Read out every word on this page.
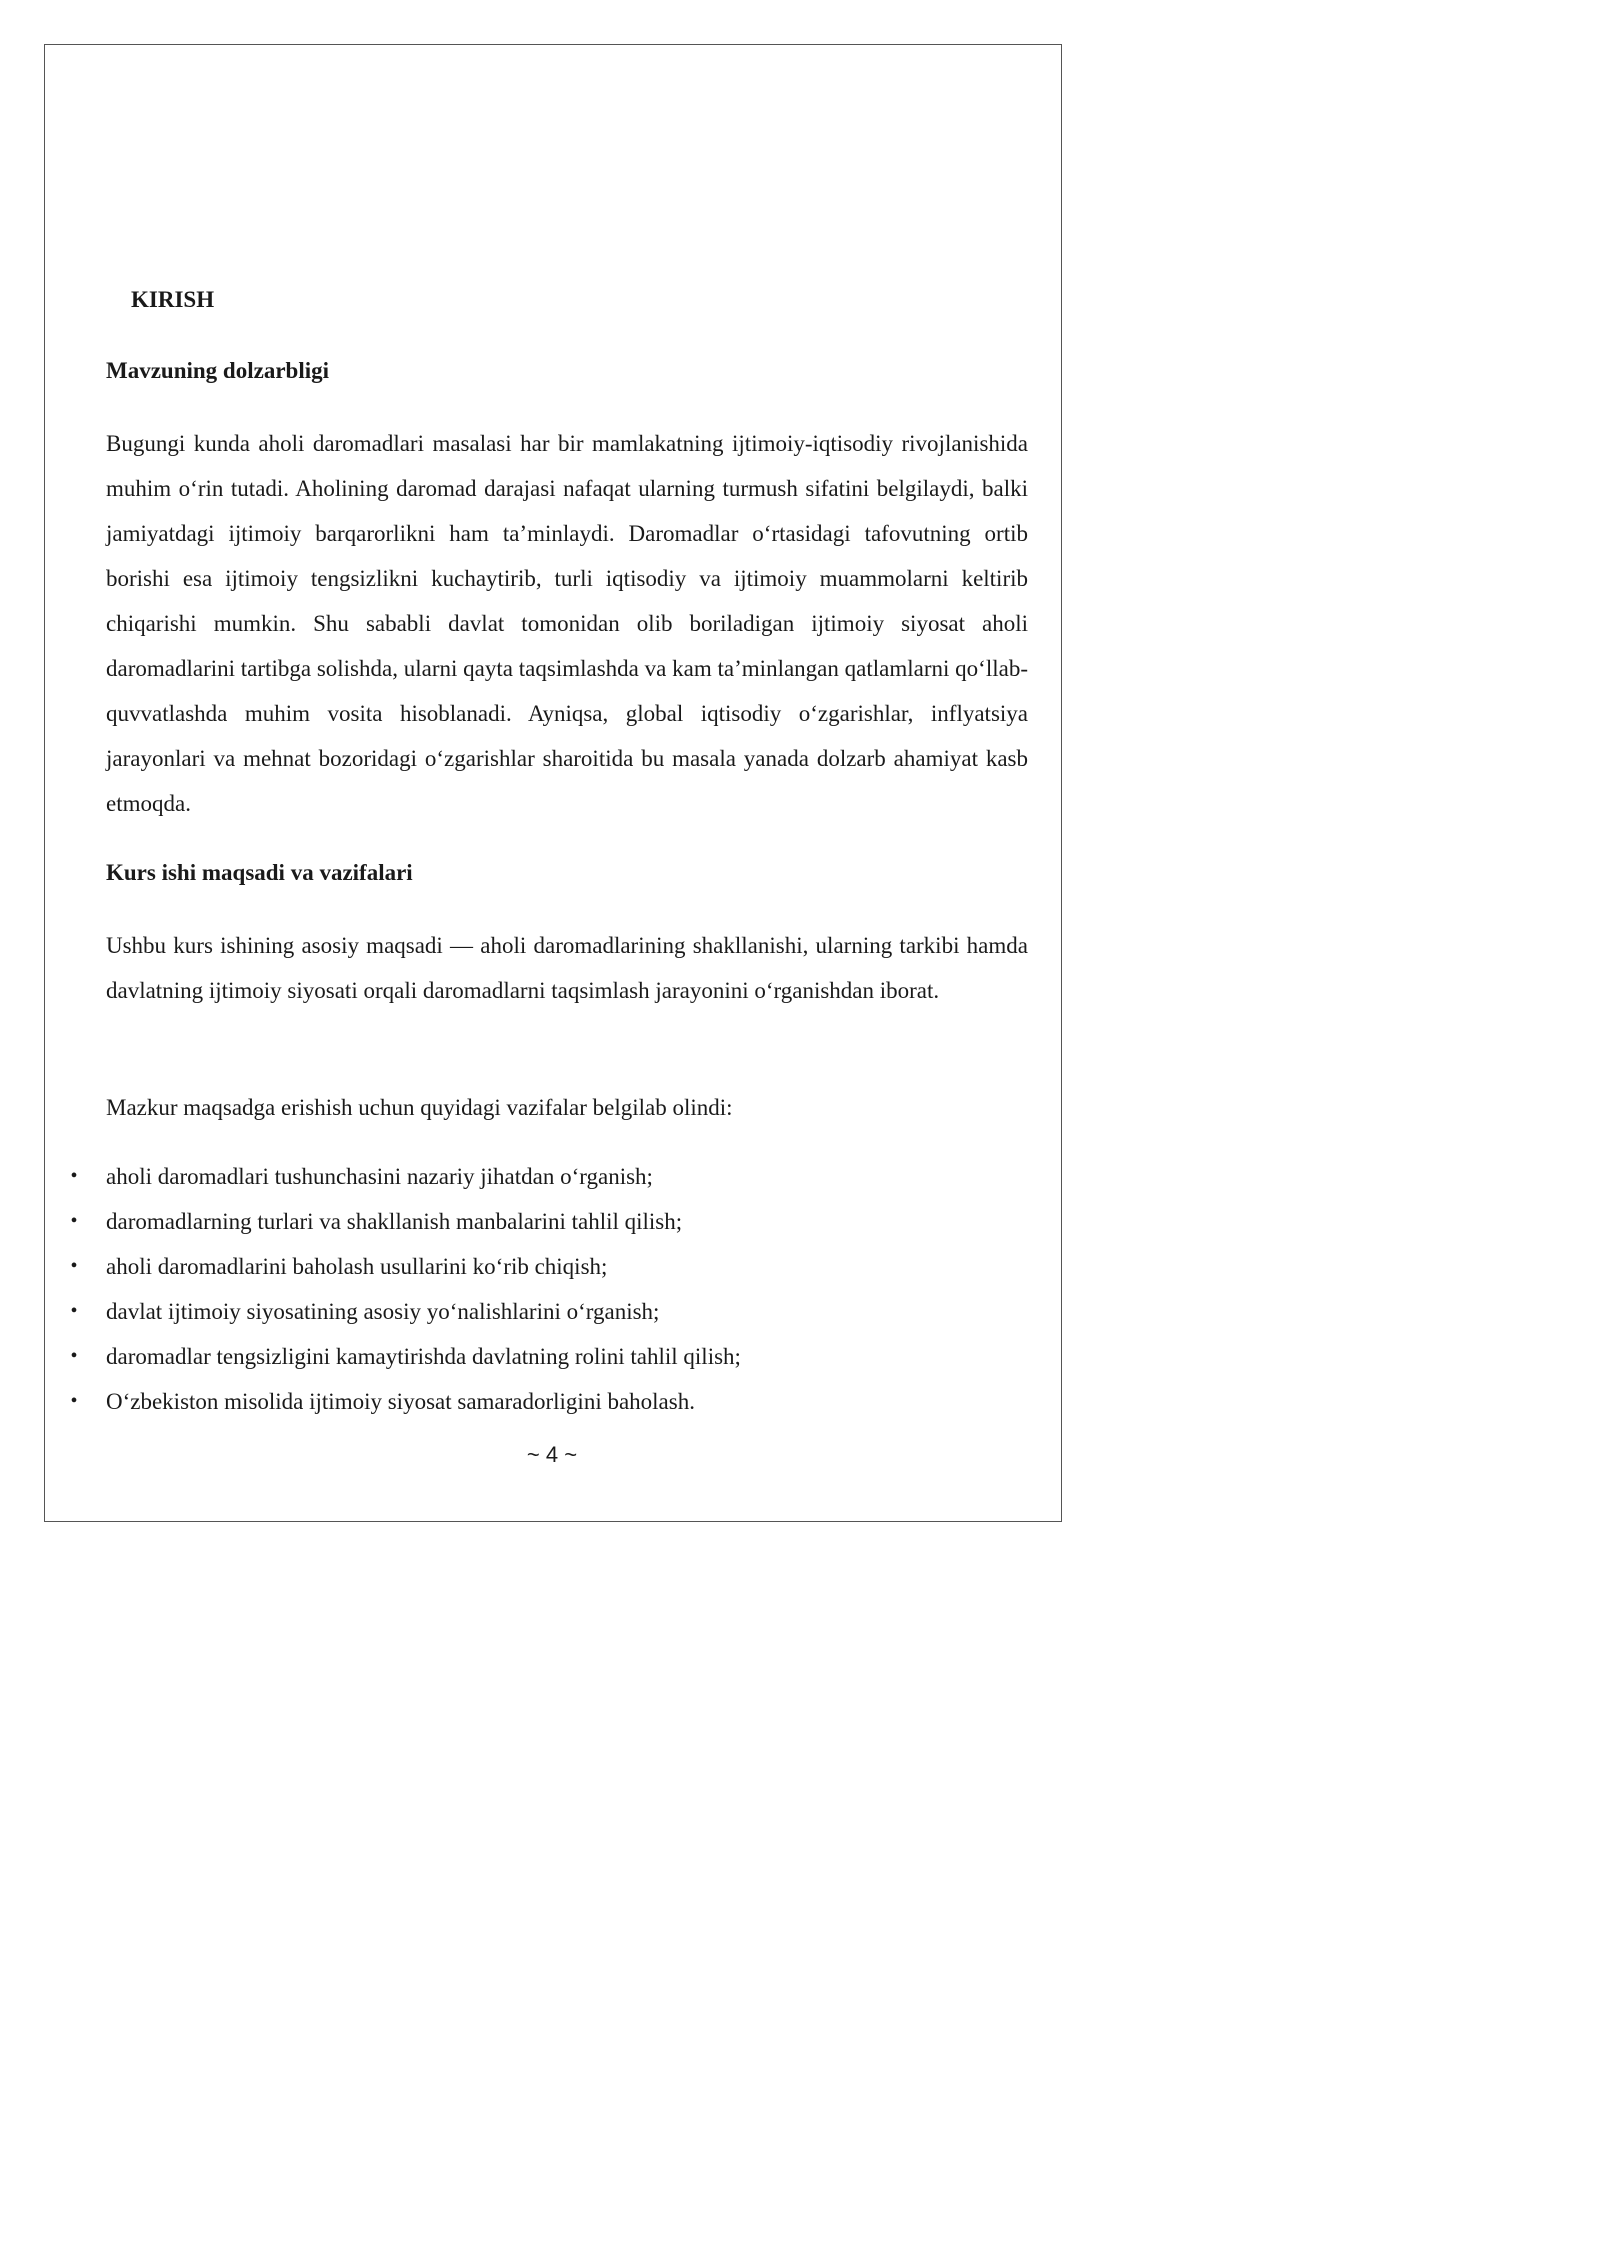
KIRISH
Mavzuning dolzarbligi

Bugungi kunda aholi daromadlari masalasi har bir mamlakatning ijtimoiy-iqtisodiy rivojlanishida muhim o‘rin tutadi. Aholining daromad darajasi nafaqat ularning turmush sifatini belgilaydi, balki jamiyatdagi ijtimoiy barqarorlikni ham ta’minlaydi. Daromadlar o‘rtasidagi tafovutning ortib borishi esa ijtimoiy tengsizlikni kuchaytirib, turli iqtisodiy va ijtimoiy muammolarni keltirib chiqarishi mumkin. Shu sababli davlat tomonidan olib boriladigan ijtimoiy siyosat aholi daromadlarini tartibga solishda, ularni qayta taqsimlashda va kam ta’minlangan qatlamlarni qo‘llab-quvvatlashda muhim vosita hisoblanadi. Ayniqsa, global iqtisodiy o‘zgarishlar, inflyatsiya jarayonlari va mehnat bozoridagi o‘zgarishlar sharoitida bu masala yanada dolzarb ahamiyat kasb etmoqda.

Kurs ishi maqsadi va vazifalari

Ushbu kurs ishining asosiy maqsadi — aholi daromadlarining shakllanishi, ularning tarkibi hamda davlatning ijtimoiy siyosati orqali daromadlarni taqsimlash jarayonini o‘rganishdan iborat.

Mazkur maqsadga erishish uchun quyidagi vazifalar belgilab olindi:

• aholi daromadlari tushunchasini nazariy jihatdan o‘rganish;
• daromadlarning turlari va shakllanish manbalarini tahlil qilish;
• aholi daromadlarini baholash usullarini ko‘rib chiqish;
• davlat ijtimoiy siyosatining asosiy yo‘nalishlarini o‘rganish;
• daromadlar tengsizligini kamaytirishda davlatning rolini tahlil qilish;
• O‘zbekiston misolida ijtimoiy siyosat samaradorligini baholash.
~ 4 ~
